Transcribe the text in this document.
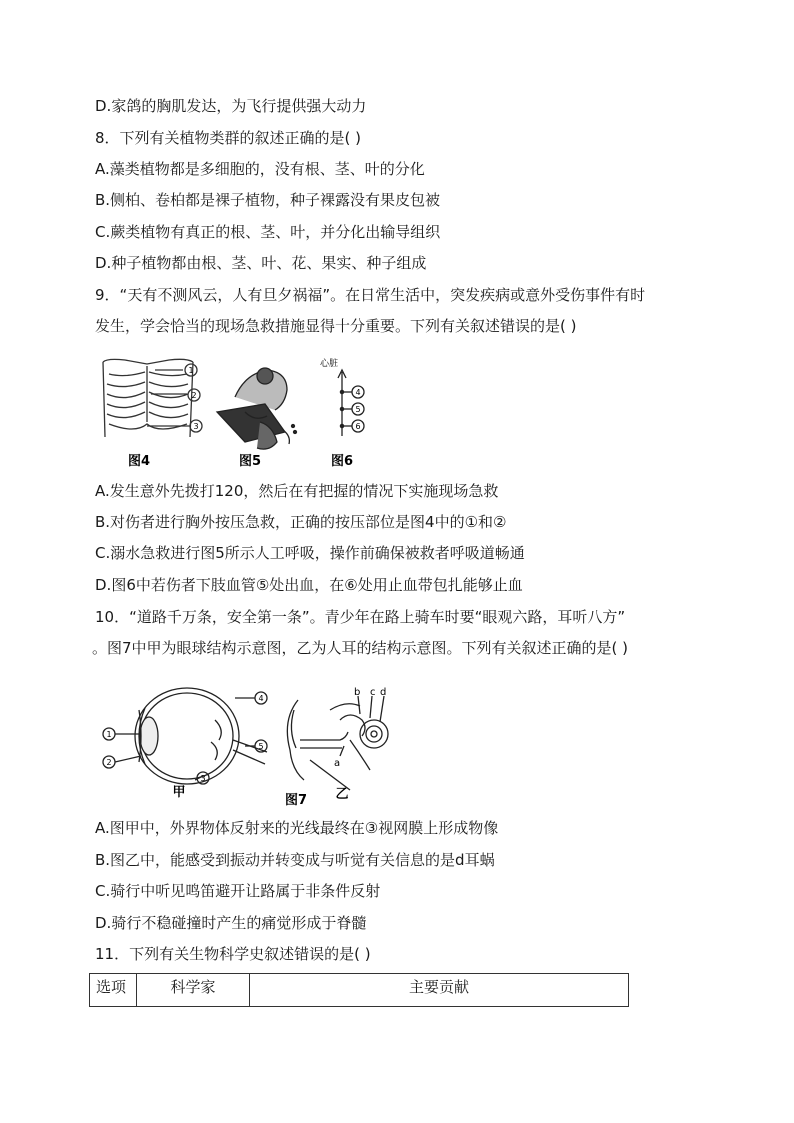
D.家鸽的胸肌发达，为飞行提供强大动力
8．下列有关植物类群的叙述正确的是( )
A.藻类植物都是多细胞的，没有根、茎、叶的分化
B.侧柏、卷柏都是裸子植物，种子裸露没有果皮包被
C.蕨类植物有真正的根、茎、叶，并分化出输导组织
D.种子植物都由根、茎、叶、花、果实、种子组成
9．“天有不测风云，人有旦夕祸福”。在日常生活中，突发疾病或意外受伤事件有时
发生，学会恰当的现场急救措施显得十分重要。下列有关叙述错误的是( )
1
2
3
图4	图5
心脏
4
5
6
图6
A.发生意外先拨打120，然后在有把握的情况下实施现场急救
B.对伤者进行胸外按压急救，正确的按压部位是图4中的①和②
C.溺水急救进行图5所示人工呼吸，操作前确保被救者呼吸道畅通
D.图6中若伤者下肢血管⑤处出血，在⑥处用止血带包扎能够止血
10．“道路千万条，安全第一条”。青少年在路上骑车时要“眼观六路，耳听八方”
。图7中甲为眼球结构示意图，乙为人耳的结构示意图。下列有关叙述正确的是( )
4
1
2
3
5
甲
b c d
a
图7 乙
A.图甲中，外界物体反射来的光线最终在③视网膜上形成物像
B.图乙中，能感受到振动并转变成与听觉有关信息的是d耳蜗
C.骑行中听见鸣笛避开让路属于非条件反射
D.骑行不稳碰撞时产生的痛觉形成于脊髓
11．下列有关生物科学史叙述错误的是( )
选项	科学家	主要贡献
